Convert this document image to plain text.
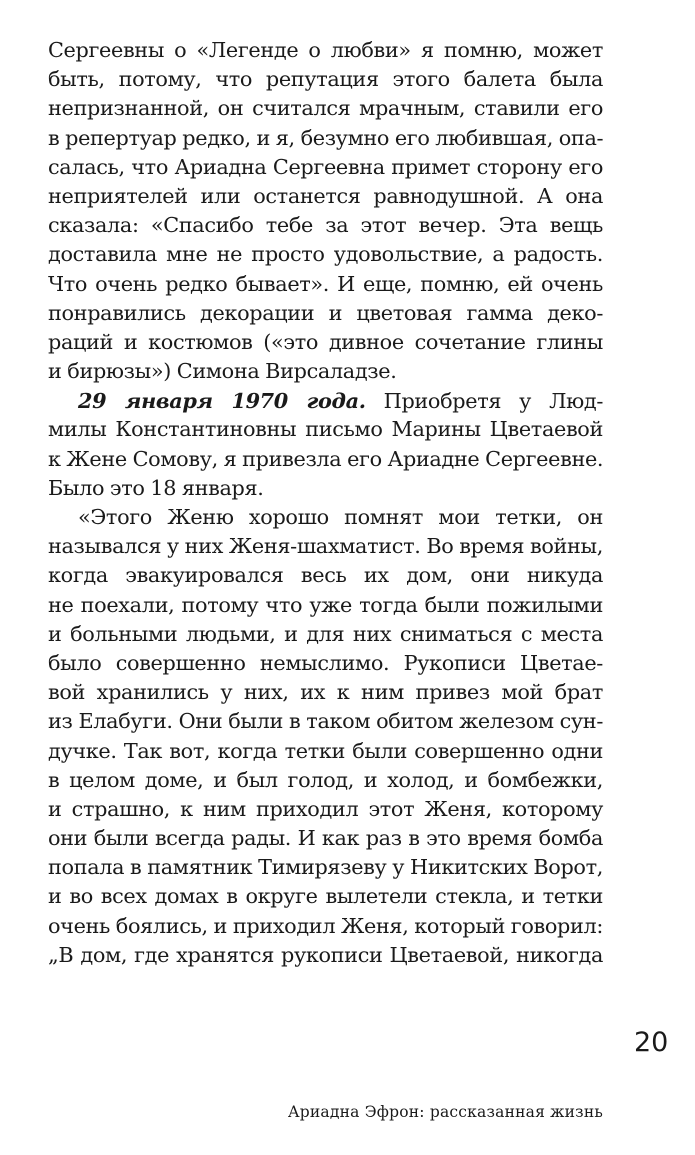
Сергеевны о «Легенде о любви» я помню, может
быть, потому, что репутация этого балета была
непризнанной, он считался мрачным, ставили его
в репертуар редко, и я, безумно его любившая, опа-
салась, что Ариадна Сергеевна примет сторону его
неприятелей или останется равнодушной. А она
сказала: «Спасибо тебе за этот вечер. Эта вещь
доставила мне не просто удовольствие, а радость.
Что очень редко бывает». И еще, помню, ей очень
понравились декорации и цветовая гамма деко-
раций и костюмов («это дивное сочетание глины
и бирюзы») Симона Вирсаладзе.
29 января 1970 года. Приобретя у Люд-
милы Константиновны письмо Марины Цветаевой
к Жене Сомову, я привезла его Ариадне Сергеевне.
Было это 18 января.
«Этого Женю хорошо помнят мои тетки, он
назывался у них Женя-шахматист. Во время войны,
когда эвакуировался весь их дом, они никуда
не поехали, потому что уже тогда были пожилыми
и больными людьми, и для них сниматься с места
было совершенно немыслимо. Рукописи Цветае-
вой хранились у них, их к ним привез мой брат
из Елабуги. Они были в таком обитом железом сун-
дучке. Так вот, когда тетки были совершенно одни
в целом доме, и был голод, и холод, и бомбежки,
и страшно, к ним приходил этот Женя, которому
они были всегда рады. И как раз в это время бомба
попала в памятник Тимирязеву у Никитских Ворот,
и во всех домах в округе вылетели стекла, и тетки
очень боялись, и приходил Женя, который говорил:
„В дом, где хранятся рукописи Цветаевой, никогда
20
Ариадна Эфрон: рассказанная жизнь
